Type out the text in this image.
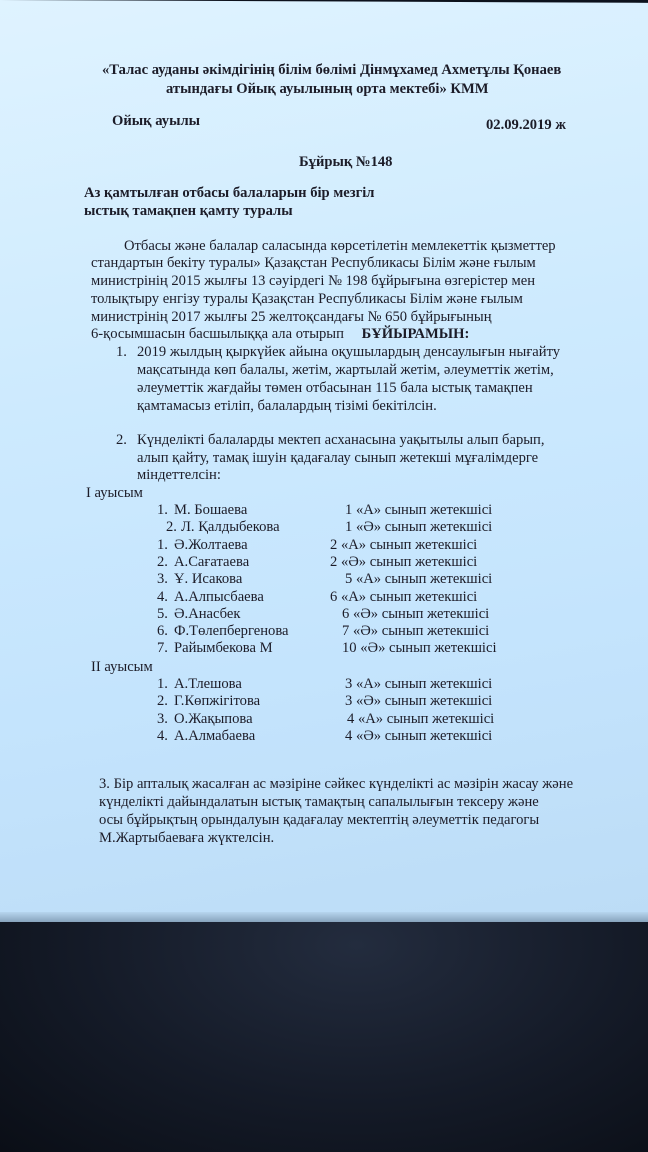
«Талас ауданы әкімдігінің білім бөлімі Дінмұхамед Ахметұлы Қонаев
атындағы Ойық ауылының орта мектебі» КММ
Ойық ауылы	02.09.2019 ж
Бұйрық №148
Аз қамтылған отбасы балаларын бір мезгіл
ыстық тамақпен қамту туралы
Отбасы және балалар саласында көрсетілетін мемлекеттік қызметтер
стандартын бекіту туралы» Қазақстан Республикасы Білім және ғылым
министрінің 2015 жылғы 13 сәуірдегі № 198 бұйрығына өзгерістер мен
толықтыру енгізу туралы Қазақстан Республикасы Білім және ғылым
министрінің 2017 жылғы 25 желтоқсандағы № 650 бұйрығының
6-қосымшасын басшылыққа ала отырып БҰЙЫРАМЫН:
1. 2019 жылдың қыркүйек айына оқушылардың денсаулығын нығайту
мақсатында көп балалы, жетім, жартылай жетім, әлеуметтік жетім,
әлеуметтік жағдайы төмен отбасынан 115 бала ыстық тамақпен
қамтамасыз етіліп, балалардың тізімі бекітілсін.
2. Күнделікті балаларды мектеп асханасына уақытылы алып барып,
алып қайту, тамақ ішуін қадағалау сынып жетекші мұғалімдерге
міндеттелсін:
І ауысым
1. М. Бошаева	1 «А» сынып жетекшісі
2. Л. Қалдыбекова	1 «Ә» сынып жетекшісі
1. Ә.Жолтаева	2 «А» сынып жетекшісі
2. А.Сағатаева	2 «Ә» сынып жетекшісі
3. Ұ. Исакова	5 «А» сынып жетекшісі
4. А.Алпысбаева	6 «А» сынып жетекшісі
5. Ә.Анасбек	6 «Ә» сынып жетекшісі
6. Ф.Төлепбергенова	7 «Ә» сынып жетекшісі
7. Райымбекова М	10 «Ә» сынып жетекшісі
ІІ ауысым
1. А.Тлешова	3 «А» сынып жетекшісі
2. Г.Көпжігітова	3 «Ә» сынып жетекшісі
3. О.Жақыпова	4 «А» сынып жетекшісі
4. А.Алмабаева	4 «Ә» сынып жетекшісі
3. Бір апталық жасалған ас мәзіріне сәйкес күнделікті ас мәзірін жасау және
күнделікті дайындалатын ыстық тамақтың сапалылығын тексеру және
осы бұйрықтың орындалуын қадағалау мектептің әлеуметтік педагогы
М.Жартыбаеваға жүктелсін.
